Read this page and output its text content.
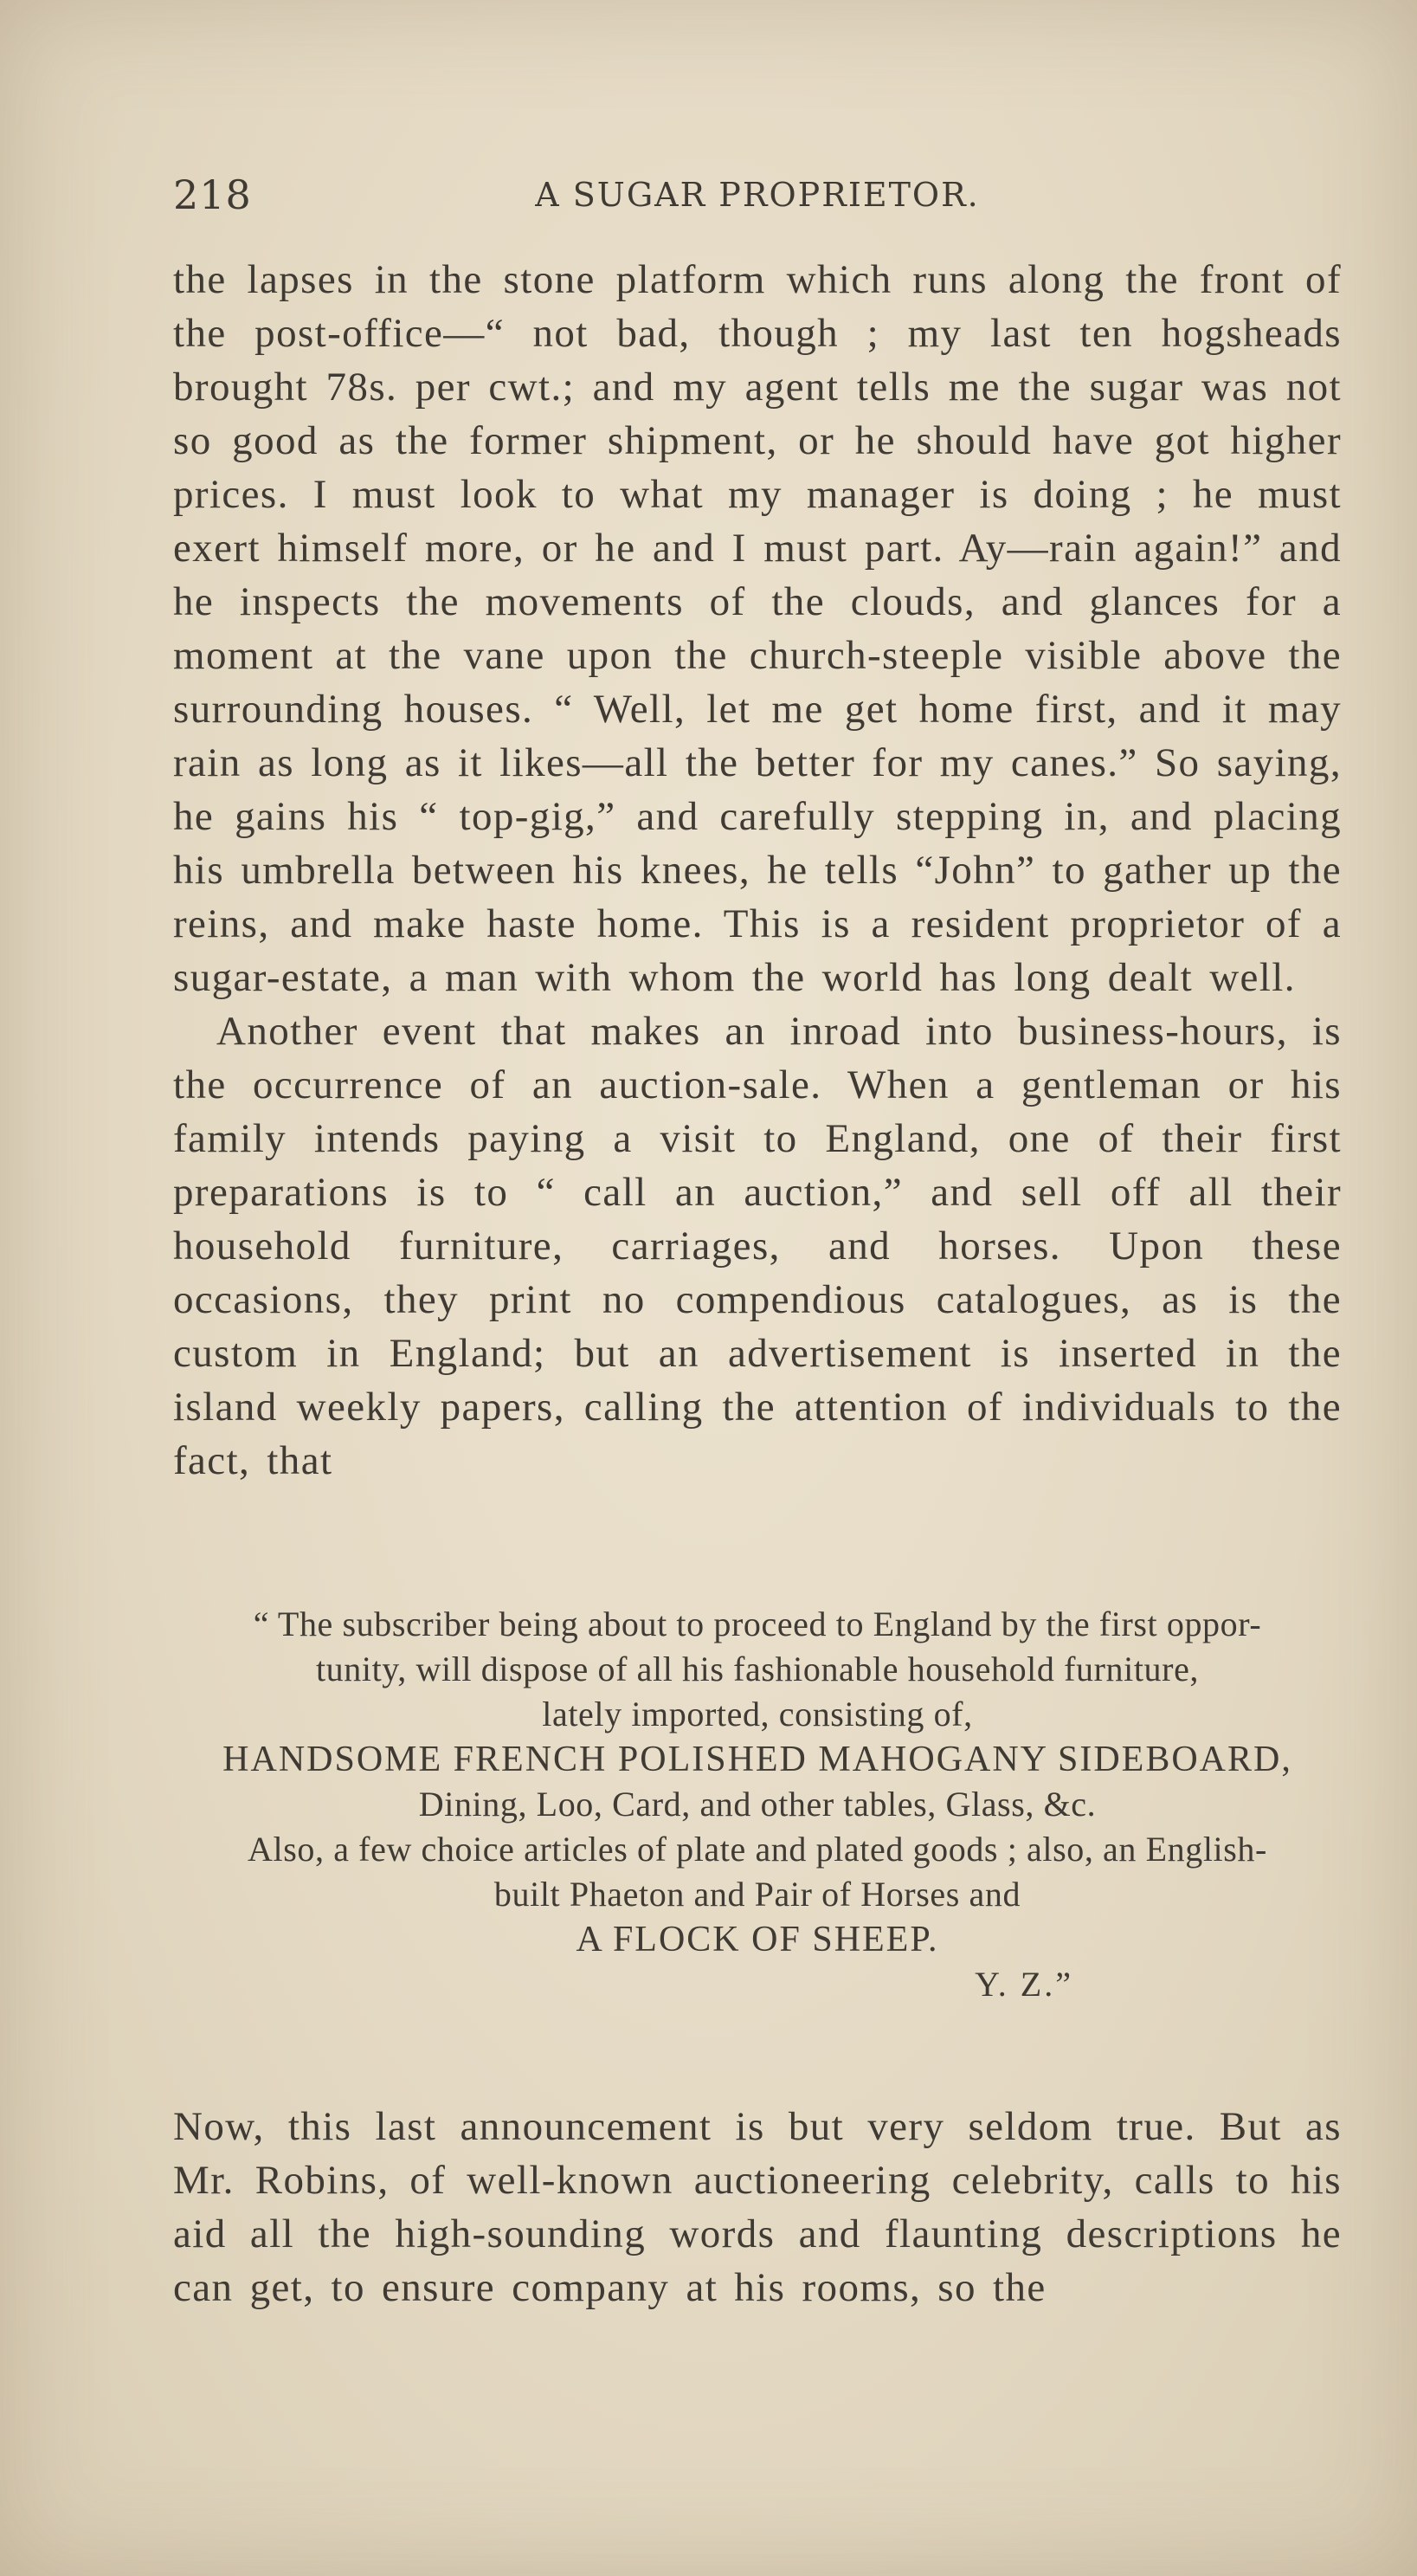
218	A SUGAR PROPRIETOR.

the lapses in the stone platform which runs along the front of the post-office—“ not bad, though ; my last ten hogsheads brought 78s. per cwt.; and my agent tells me the sugar was not so good as the former shipment, or he should have got higher prices. I must look to what my manager is doing ; he must exert himself more, or he and I must part. Ay—rain again!” and he inspects the movements of the clouds, and glances for a moment at the vane upon the church-steeple visible above the surrounding houses. “ Well, let me get home first, and it may rain as long as it likes—all the better for my canes.” So saying, he gains his “ top-gig,” and carefully stepping in, and placing his umbrella between his knees, he tells “John” to gather up the reins, and make haste home. This is a resident proprietor of a sugar-estate, a man with whom the world has long dealt well.

Another event that makes an inroad into business-hours, is the occurrence of an auction-sale. When a gentleman or his family intends paying a visit to England, one of their first preparations is to “ call an auction,” and sell off all their household furniture, carriages, and horses. Upon these occasions, they print no compendious catalogues, as is the custom in England; but an advertisement is inserted in the island weekly papers, calling the attention of individuals to the fact, that

“ The subscriber being about to proceed to England by the first oppor-
tunity, will dispose of all his fashionable household furniture,
lately imported, consisting of,
HANDSOME FRENCH POLISHED MAHOGANY SIDEBOARD,
Dining, Loo, Card, and other tables, Glass, &c.
Also, a few choice articles of plate and plated goods ; also, an English-
built Phaeton and Pair of Horses and
A FLOCK OF SHEEP.
Y. Z.”

Now, this last announcement is but very seldom true. But as Mr. Robins, of well-known auctioneering celebrity, calls to his aid all the high-sounding words and flaunting descriptions he can get, to ensure company at his rooms, so the
